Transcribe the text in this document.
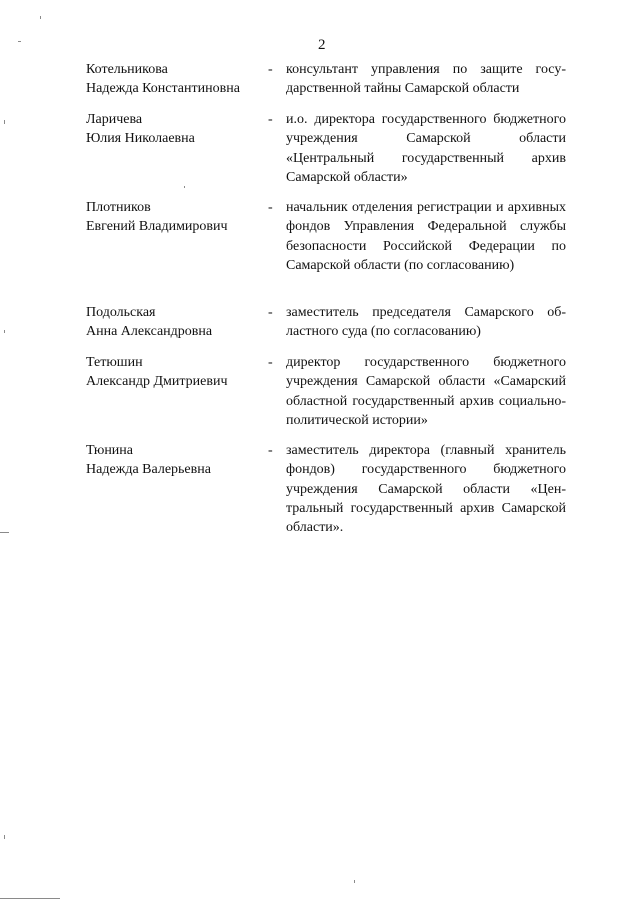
2
Котельникова
Надежда Константиновна
- консультант управления по защите государственной тайны Самарской области
Ларичева
Юлия Николаевна
- и.о. директора государственного бюджетного учреждения Самарской области «Центральный государственный архив Самарской области»
Плотников
Евгений Владимирович
- начальник отделения регистрации и архивных фондов Управления Федеральной службы безопасности Российской Федерации по Самарской области (по согласованию)
Подольская
Анна Александровна
- заместитель председателя Самарского областного суда (по согласованию)
Тетюшин
Александр Дмитриевич
- директор государственного бюджетного учреждения Самарской области «Самарский областной государственный архив социально-политической истории»
Тюнина
Надежда Валерьевна
- заместитель директора (главный хранитель фондов) государственного бюджетного учреждения Самарской области «Центральный государственный архив Самарской области».
